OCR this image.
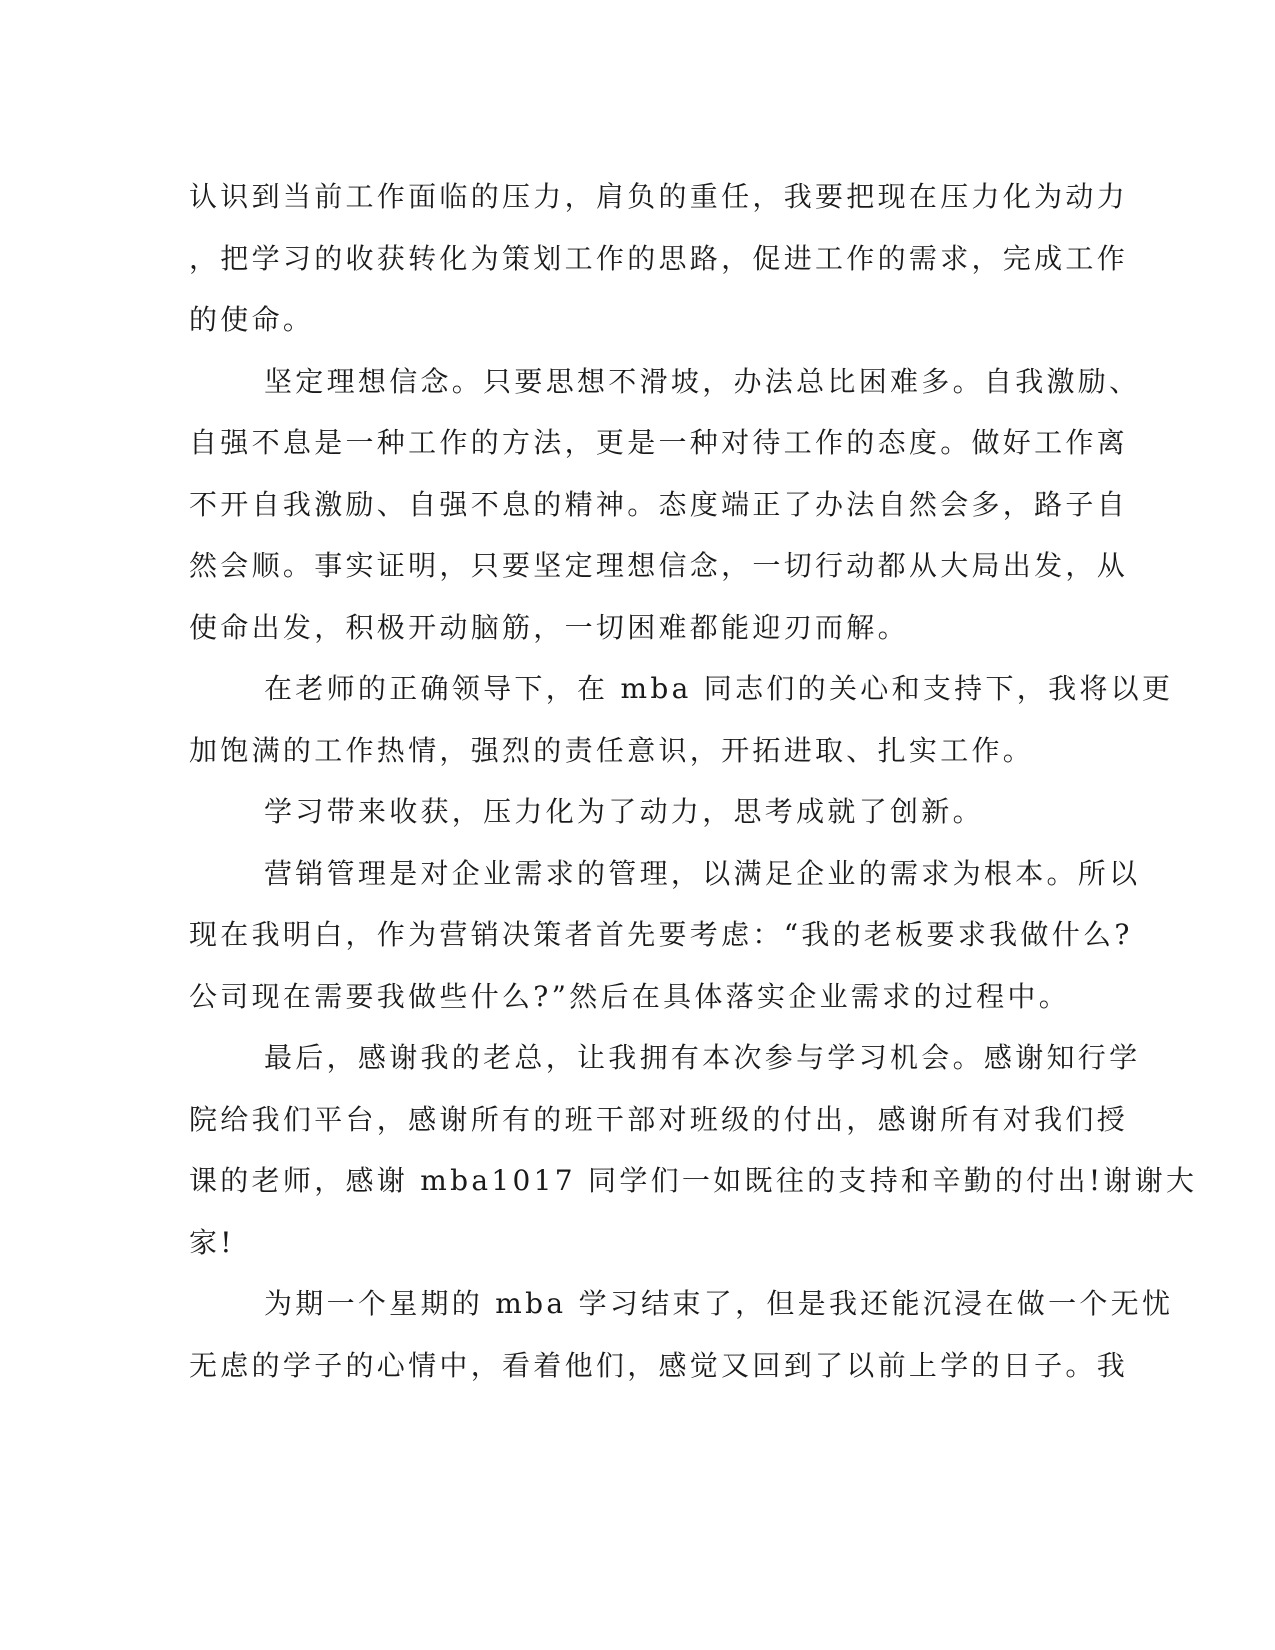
认识到当前工作面临的压力，肩负的重任，我要把现在压力化为动力
，把学习的收获转化为策划工作的思路，促进工作的需求，完成工作
的使命。
坚定理想信念。只要思想不滑坡，办法总比困难多。自我激励、
自强不息是一种工作的方法，更是一种对待工作的态度。做好工作离
不开自我激励、自强不息的精神。态度端正了办法自然会多，路子自
然会顺。事实证明，只要坚定理想信念，一切行动都从大局出发，从
使命出发，积极开动脑筋，一切困难都能迎刃而解。
在老师的正确领导下，在 mba 同志们的关心和支持下，我将以更
加饱满的工作热情，强烈的责任意识，开拓进取、扎实工作。
学习带来收获，压力化为了动力，思考成就了创新。
营销管理是对企业需求的管理，以满足企业的需求为根本。所以
现在我明白，作为营销决策者首先要考虑：“我的老板要求我做什么?
公司现在需要我做些什么?”然后在具体落实企业需求的过程中。
最后，感谢我的老总，让我拥有本次参与学习机会。感谢知行学
院给我们平台，感谢所有的班干部对班级的付出，感谢所有对我们授
课的老师，感谢 mba1017 同学们一如既往的支持和辛勤的付出!谢谢大
家!
为期一个星期的 mba 学习结束了，但是我还能沉浸在做一个无忧
无虑的学子的心情中，看着他们，感觉又回到了以前上学的日子。我
